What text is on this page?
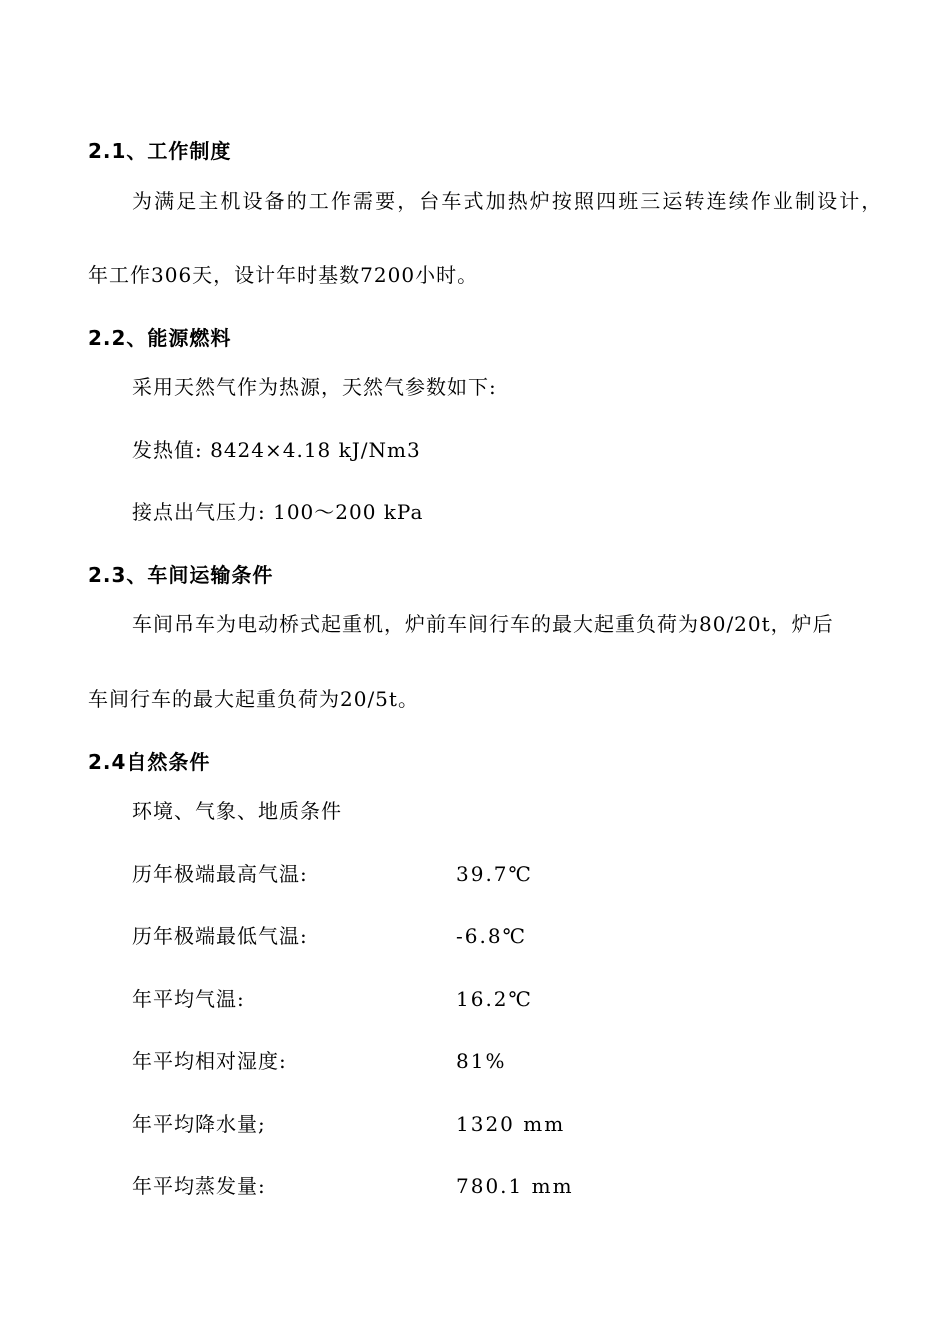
2.1、工作制度
为满足主机设备的工作需要，台车式加热炉按照四班三运转连续作业制设计，
年工作306天，设计年时基数7200小时。
2.2、能源燃料
采用天然气作为热源，天然气参数如下:
发热值: 8424×4.18 kJ/Nm3
接点出气压力: 100～200 kPa
2.3、车间运输条件
车间吊车为电动桥式起重机，炉前车间行车的最大起重负荷为80/20t，炉后
车间行车的最大起重负荷为20/5t。
2.4自然条件
环境、气象、地质条件
历年极端最高气温:	39.7℃
历年极端最低气温:	-6.8℃
年平均气温:	16.2℃
年平均相对湿度:	81%
年平均降水量;	1320 mm
年平均蒸发量:	780.1 mm
